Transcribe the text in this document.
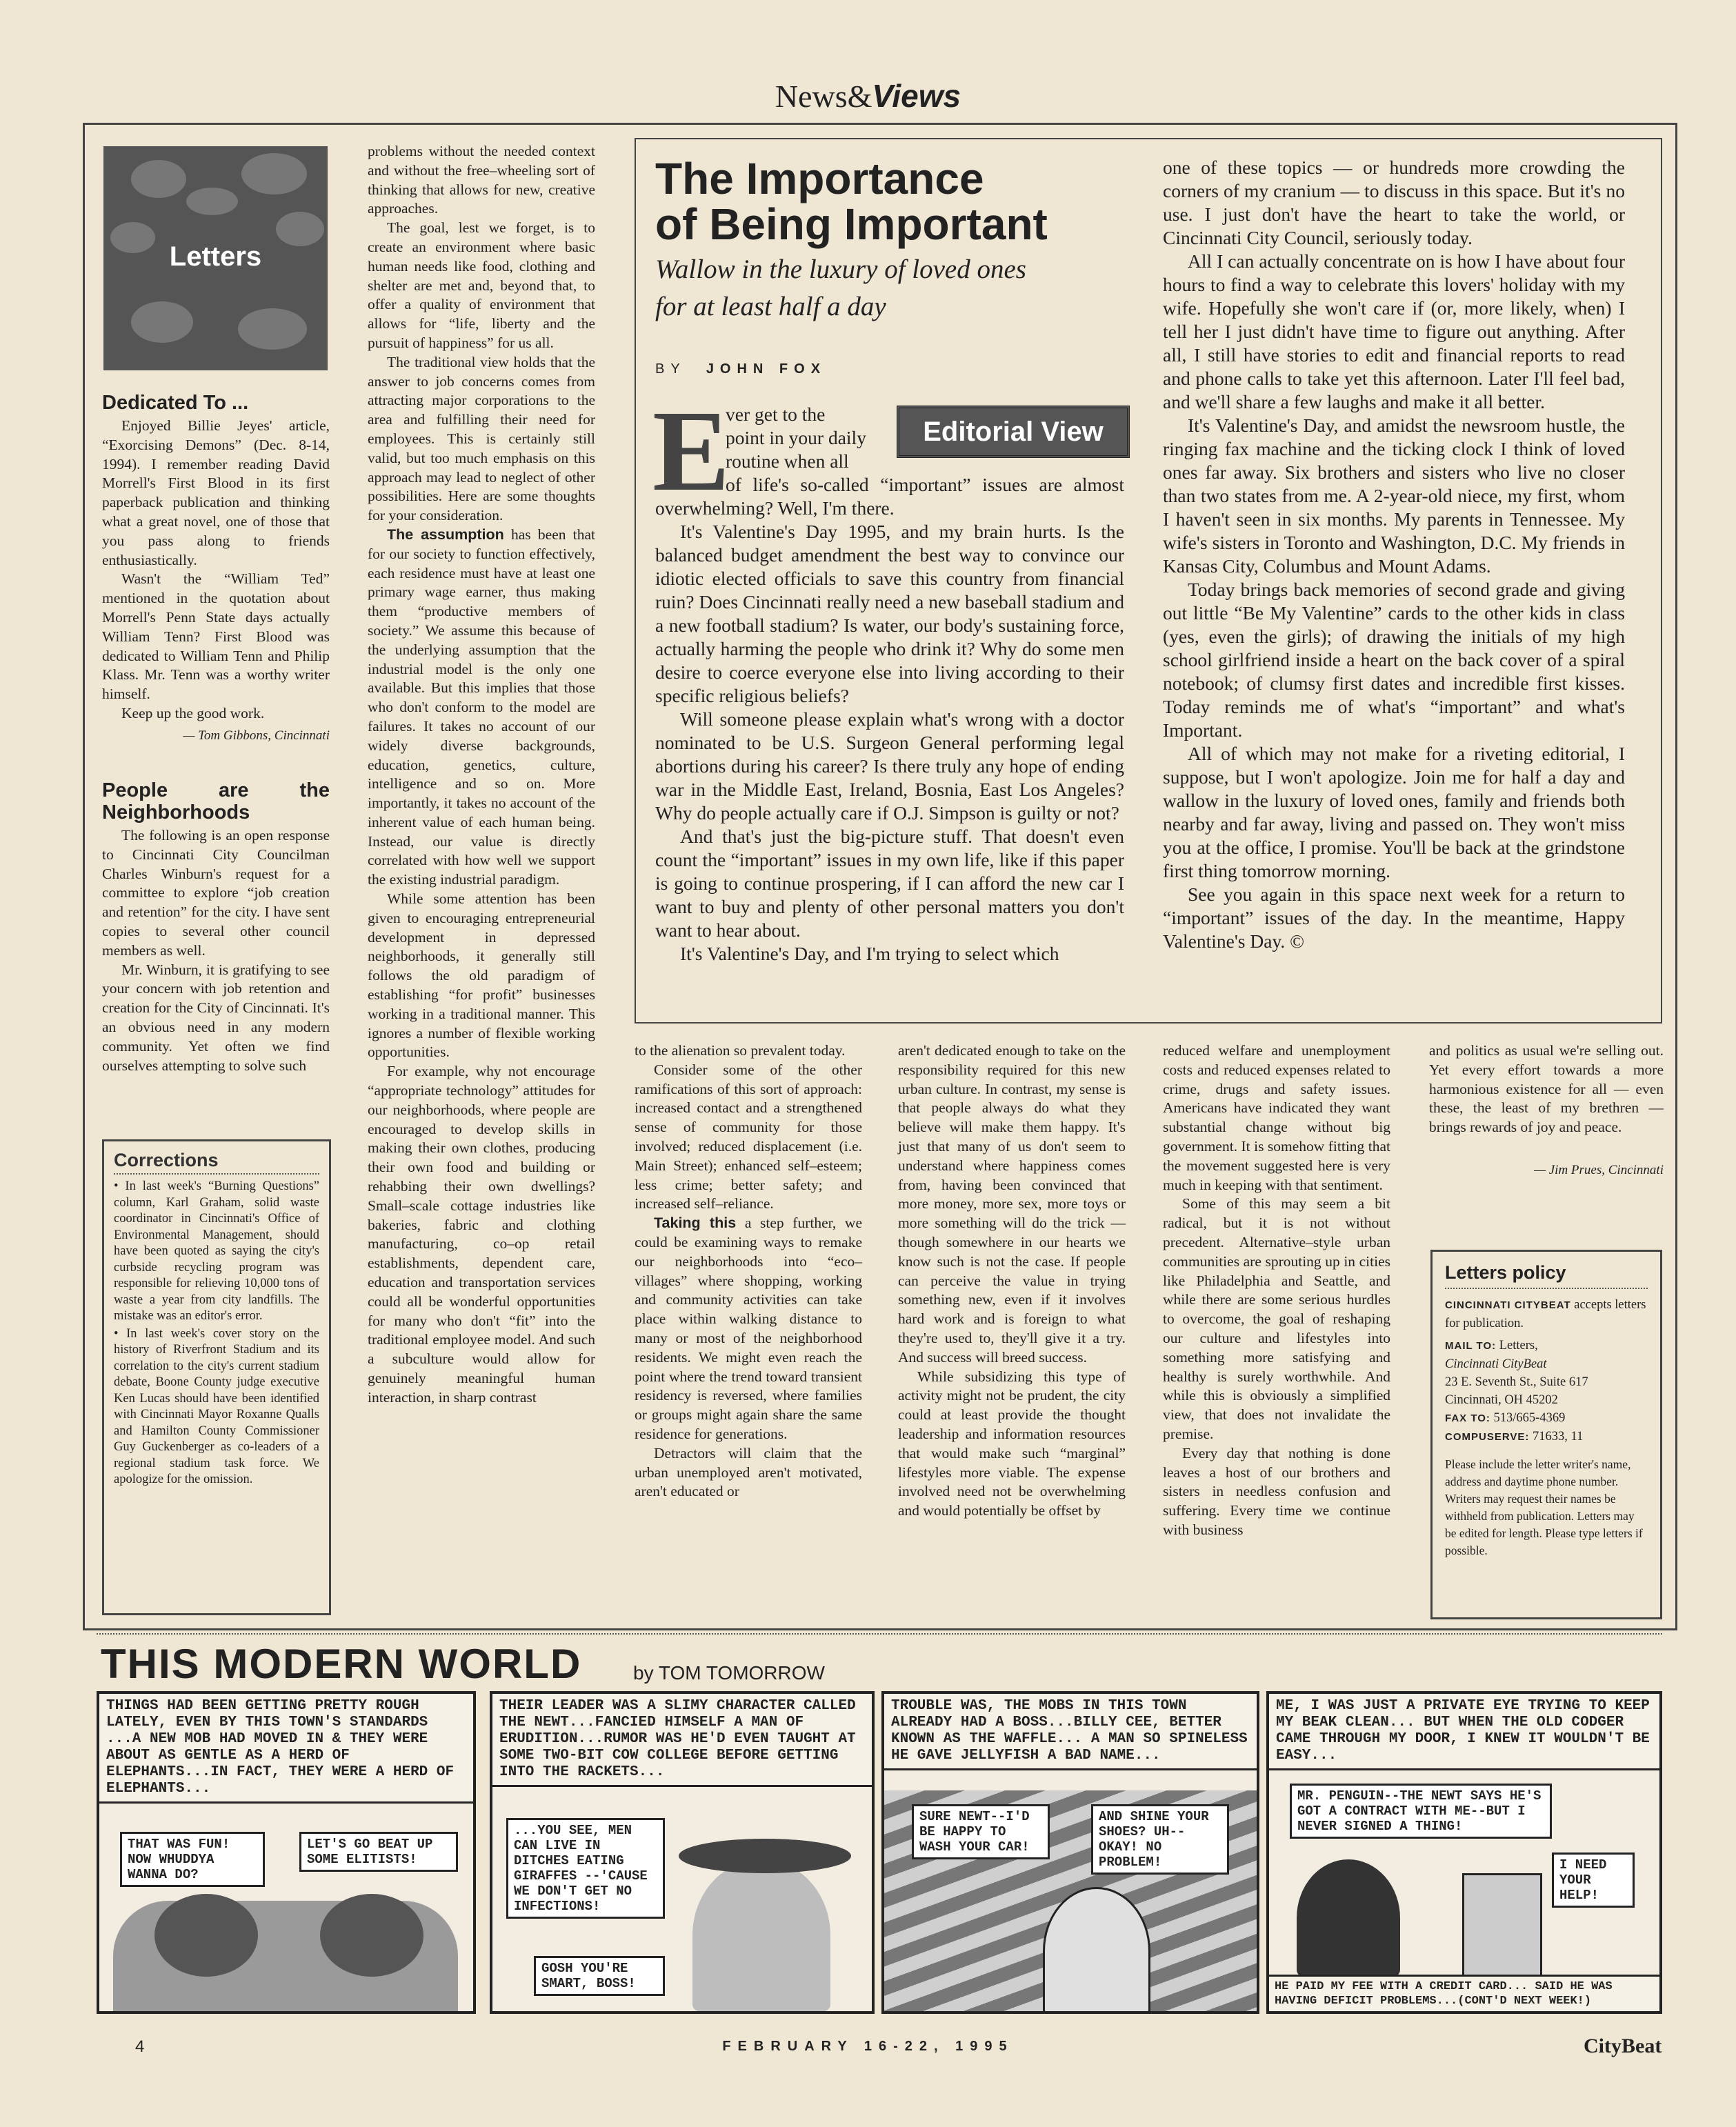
News&Views
Letters
Dedicated To ...

Enjoyed Billie Jeyes' article, “Exorcising Demons” (Dec. 8-14, 1994). I remember reading David Morrell's First Blood in its first paperback publication and thinking what a great novel, one of those that you pass along to friends enthusiastically.

Wasn't the “William Ted” mentioned in the quotation about Morrell's Penn State days actually William Tenn? First Blood was dedicated to William Tenn and Philip Klass. Mr. Tenn was a worthy writer himself.

Keep up the good work.

— Tom Gibbons, Cincinnati
People are the Neighborhoods

The following is an open response to Cincinnati City Councilman Charles Winburn's request for a committee to explore “job creation and retention” for the city. I have sent copies to several other council members as well.

Mr. Winburn, it is gratifying to see your concern with job retention and creation for the City of Cincinnati. It's an obvious need in any modern community. Yet often we find ourselves attempting to solve such

Corrections
• In last week's “Burning Questions” column, Karl Graham, solid waste coordinator in Cincinnati's Office of Environmental Management, should have been quoted as saying the city's curbside recycling program was responsible for relieving 10,000 tons of waste a year from city landfills. The mistake was an editor's error.
• In last week's cover story on the history of Riverfront Stadium and its correlation to the city's current stadium debate, Boone County judge executive Ken Lucas should have been identified with Cincinnati Mayor Roxanne Qualls and Hamilton County Commissioner Guy Guckenberger as co-leaders of a regional stadium task force. We apologize for the omission.

problems without the needed context and without the free–wheeling sort of thinking that allows for new, creative approaches.

The goal, lest we forget, is to create an environment where basic human needs like food, clothing and shelter are met and, beyond that, to offer a quality of environment that allows for “life, liberty and the pursuit of happiness” for us all.

The traditional view holds that the answer to job concerns comes from attracting major corporations to the area and fulfilling their need for employees. This is certainly still valid, but too much emphasis on this approach may lead to neglect of other possibilities. Here are some thoughts for your consideration.

The assumption has been that for our society to function effectively, each residence must have at least one primary wage earner, thus making them “productive members of society.” We assume this because of the underlying assumption that the industrial model is the only one available. But this implies that those who don't conform to the model are failures. It takes no account of our widely diverse backgrounds, education, genetics, culture, intelligence and so on. More importantly, it takes no account of the inherent value of each human being. Instead, our value is directly correlated with how well we support the existing industrial paradigm.

While some attention has been given to encouraging entrepreneurial development in depressed neighborhoods, it generally still follows the old paradigm of establishing “for profit” businesses working in a traditional manner. This ignores a number of flexible working opportunities.

For example, why not encourage “appropriate technology” attitudes for our neighborhoods, where people are encouraged to develop skills in making their own clothes, producing their own food and building or rehabbing their own dwellings? Small–scale cottage industries like bakeries, fabric and clothing manufacturing, co–op retail establishments, dependent care, education and transportation services could all be wonderful opportunities for many who don't “fit” into the traditional employee model. And such a subculture would allow for genuinely meaningful human interaction, in sharp contrast

The Importance
of Being Important
Wallow in the luxury of loved ones
for at least half a day
BY JOHN FOX
E	Editorial View
ver get to the
point in your daily
routine when all
of life's so-called “important” issues are almost overwhelming? Well, I'm there.

It's Valentine's Day 1995, and my brain hurts. Is the balanced budget amendment the best way to convince our idiotic elected officials to save this country from financial ruin? Does Cincinnati really need a new baseball stadium and a new football stadium? Is water, our body's sustaining force, actually harming the people who drink it? Why do some men desire to coerce everyone else into living according to their specific religious beliefs?

Will someone please explain what's wrong with a doctor nominated to be U.S. Surgeon General performing legal abortions during his career? Is there truly any hope of ending war in the Middle East, Ireland, Bosnia, East Los Angeles? Why do people actually care if O.J. Simpson is guilty or not?

And that's just the big-picture stuff. That doesn't even count the “important” issues in my own life, like if this paper is going to continue prospering, if I can afford the new car I want to buy and plenty of other personal matters you don't want to hear about.

It's Valentine's Day, and I'm trying to select which

one of these topics — or hundreds more crowding the corners of my cranium — to discuss in this space. But it's no use. I just don't have the heart to take the world, or Cincinnati City Council, seriously today.

All I can actually concentrate on is how I have about four hours to find a way to celebrate this lovers' holiday with my wife. Hopefully she won't care if (or, more likely, when) I tell her I just didn't have time to figure out anything. After all, I still have stories to edit and financial reports to read and phone calls to take yet this afternoon. Later I'll feel bad, and we'll share a few laughs and make it all better.

It's Valentine's Day, and amidst the newsroom hustle, the ringing fax machine and the ticking clock I think of loved ones far away. Six brothers and sisters who live no closer than two states from me. A 2-year-old niece, my first, whom I haven't seen in six months. My parents in Tennessee. My wife's sisters in Toronto and Washington, D.C. My friends in Kansas City, Columbus and Mount Adams.

Today brings back memories of second grade and giving out little “Be My Valentine” cards to the other kids in class (yes, even the girls); of drawing the initials of my high school girlfriend inside a heart on the back cover of a spiral notebook; of clumsy first dates and incredible first kisses. Today reminds me of what's “important” and what's Important.

All of which may not make for a riveting editorial, I suppose, but I won't apologize. Join me for half a day and wallow in the luxury of loved ones, family and friends both nearby and far away, living and passed on. They won't miss you at the office, I promise. You'll be back at the grindstone first thing tomorrow morning.

See you again in this space next week for a return to “important” issues of the day. In the meantime, Happy Valentine's Day. ©

to the alienation so prevalent today.

Consider some of the other ramifications of this sort of approach: increased contact and a strengthened sense of community for those involved; reduced displacement (i.e. Main Street); enhanced self–esteem; less crime; better safety; and increased self–reliance.

Taking this a step further, we could be examining ways to remake our neighborhoods into “eco–villages” where shopping, working and community activities can take place within walking distance to many or most of the neighborhood residents. We might even reach the point where the trend toward transient residency is reversed, where families or groups might again share the same residence for generations.

Detractors will claim that the urban unemployed aren't motivated, aren't educated or

aren't dedicated enough to take on the responsibility required for this new urban culture. In contrast, my sense is that people always do what they believe will make them happy. It's just that many of us don't seem to understand where happiness comes from, having been convinced that more money, more sex, more toys or more something will do the trick — though somewhere in our hearts we know such is not the case. If people can perceive the value in trying something new, even if it involves hard work and is foreign to what they're used to, they'll give it a try. And success will breed success.

While subsidizing this type of activity might not be prudent, the city could at least provide the thought leadership and information resources that would make such “marginal” lifestyles more viable. The expense involved need not be overwhelming and would potentially be offset by

reduced welfare and unemployment costs and reduced expenses related to crime, drugs and safety issues. Americans have indicated they want substantial change without big government. It is somehow fitting that the movement suggested here is very much in keeping with that sentiment.

Some of this may seem a bit radical, but it is not without precedent. Alternative–style urban communities are sprouting up in cities like Philadelphia and Seattle, and while there are some serious hurdles to overcome, the goal of reshaping our culture and lifestyles into something more satisfying and healthy is surely worthwhile. And while this is obviously a simplified view, that does not invalidate the premise.

Every day that nothing is done leaves a host of our brothers and sisters in needless confusion and suffering. Every time we continue with business

and politics as usual we're selling out. Yet every effort towards a more harmonious existence for all — even these, the least of my brethren — brings rewards of joy and peace.

— Jim Prues, Cincinnati
Letters policy
CINCINNATI CITYBEAT accepts letters for publication.
MAIL TO: Letters,
Cincinnati CityBeat
23 E. Seventh St., Suite 617
Cincinnati, OH 45202
FAX TO: 513/665-4369
COMPUSERVE: 71633, 11
Please include the letter writer's name, address and daytime phone number. Writers may request their names be withheld from publication. Letters may be edited for length. Please type letters if possible.
THIS MODERN WORLD	by TOM TOMORROW
THINGS HAD BEEN GETTING PRETTY ROUGH LATELY, EVEN BY THIS TOWN'S STANDARDS ...A NEW MOB HAD MOVED IN & THEY WERE ABOUT AS GENTLE AS A HERD OF ELEPHANTS...IN FACT, THEY WERE A HERD OF ELEPHANTS...
THAT WAS FUN! NOW WHUDDYA WANNA DO?
LET'S GO BEAT UP SOME ELITISTS!
THEIR LEADER WAS A SLIMY CHARACTER CALLED THE NEWT...FANCIED HIMSELF A MAN OF ERUDITION...RUMOR WAS HE'D EVEN TAUGHT AT SOME TWO-BIT COW COLLEGE BEFORE GETTING INTO THE RACKETS...
...YOU SEE, MEN CAN LIVE IN DITCHES EATING GIRAFFES --'CAUSE WE DON'T GET NO INFECTIONS!
GOSH YOU'RE SMART, BOSS!
TROUBLE WAS, THE MOBS IN THIS TOWN ALREADY HAD A BOSS...BILLY CEE, BETTER KNOWN AS THE WAFFLE... A MAN SO SPINELESS HE GAVE JELLYFISH A BAD NAME...
SURE NEWT--I'D BE HAPPY TO WASH YOUR CAR!
AND SHINE YOUR SHOES? UH--OKAY! NO PROBLEM!
ME, I WAS JUST A PRIVATE EYE TRYING TO KEEP MY BEAK CLEAN... BUT WHEN THE OLD CODGER CAME THROUGH MY DOOR, I KNEW IT WOULDN'T BE EASY...
MR. PENGUIN--THE NEWT SAYS HE'S GOT A CONTRACT WITH ME--BUT I NEVER SIGNED A THING!
I NEED YOUR HELP!
HE PAID MY FEE WITH A CREDIT CARD... SAID HE WAS HAVING DEFICIT PROBLEMS...(CONT'D NEXT WEEK!)
4	FEBRUARY 16-22, 1995	CityBeat
